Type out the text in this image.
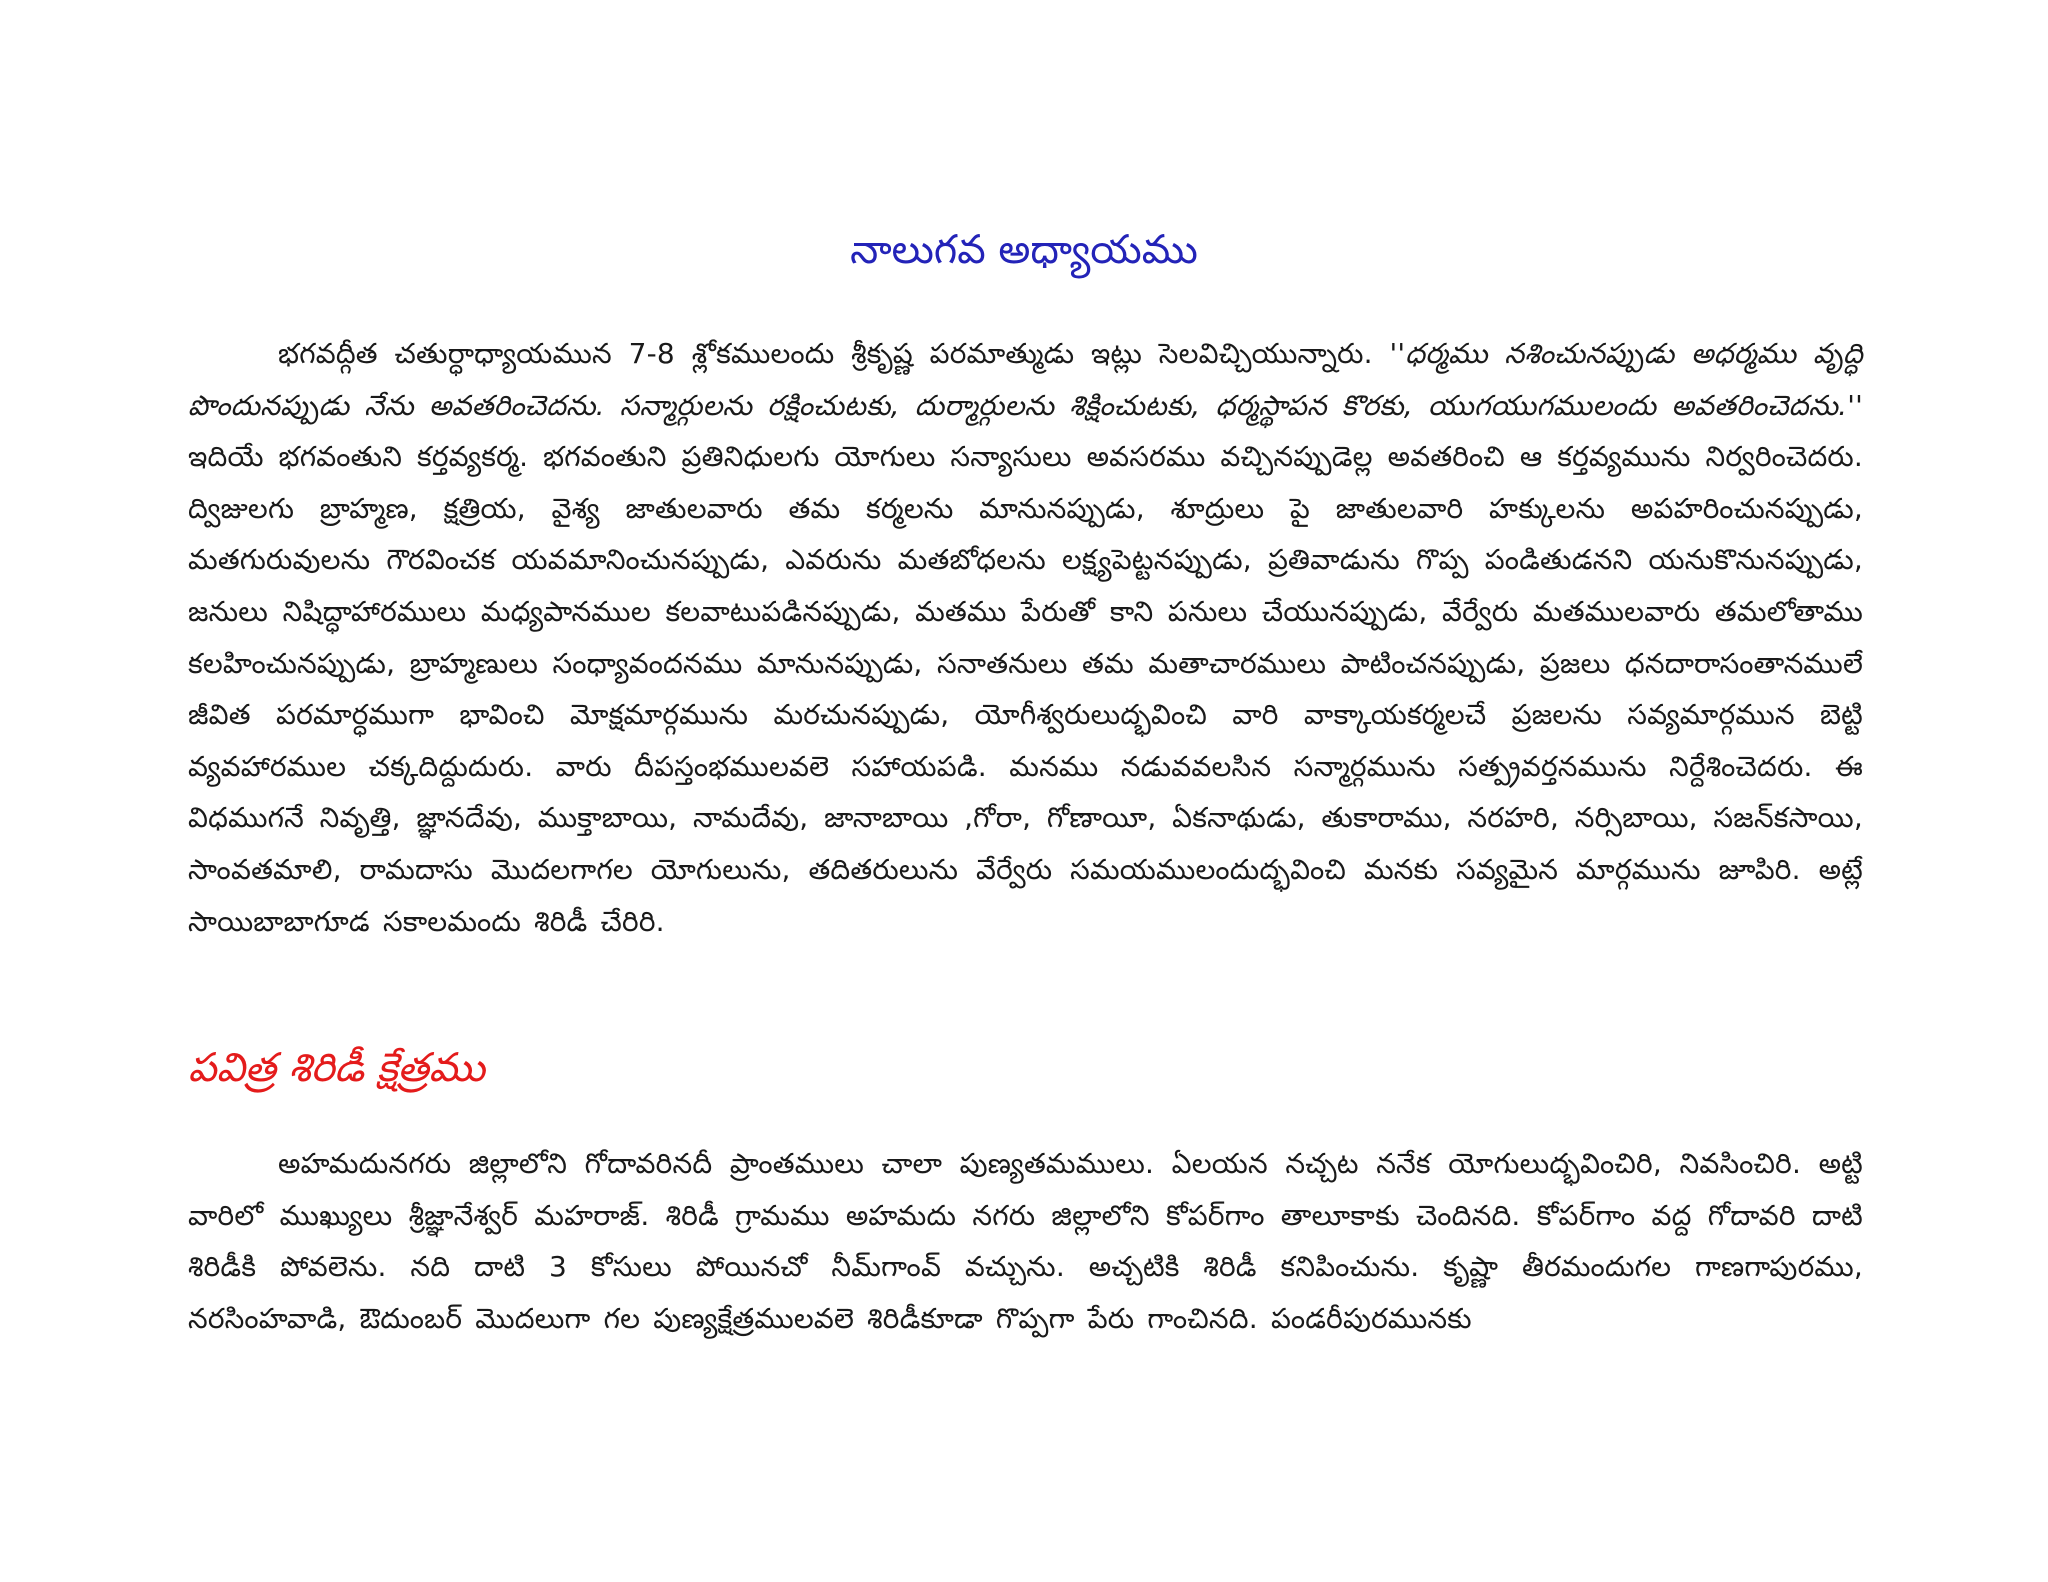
నాలుగవ అధ్యాయము

భగవద్గీత చతుర్ధాధ్యాయమున 7-8 శ్లోకములందు శ్రీకృష్ణ పరమాత్ముడు ఇట్లు సెలవిచ్చియున్నారు. ''ధర్మము నశించునప్పుడు అధర్మము వృద్ధి పొందునప్పుడు నేను అవతరించెదను. సన్మార్గులను రక్షించుటకు, దుర్మార్గులను శిక్షించుటకు, ధర్మస్థాపన కొరకు, యుగయుగములందు అవతరించెదను.'' ఇదియే భగవంతుని కర్తవ్యకర్మ. భగవంతుని ప్రతినిధులగు యోగులు సన్యాసులు అవసరము వచ్చినప్పుడెల్ల అవతరించి ఆ కర్తవ్యమును నిర్వరించెదరు. ద్విజులగు బ్రాహ్మణ, క్షత్రియ, వైశ్య జాతులవారు తమ కర్మలను మానునప్పుడు, శూద్రులు పై జాతులవారి హక్కులను అపహరించునప్పుడు, మతగురువులను గౌరవించక యవమానించునప్పుడు, ఎవరును మతబోధలను లక్ష్యపెట్టనప్పుడు, ప్రతివాడును గొప్ప పండితుడనని యనుకొనునప్పుడు, జనులు నిషిద్ధాహారములు మధ్యపానముల కలవాటుపడినప్పుడు, మతము పేరుతో కాని పనులు చేయునప్పుడు, వేర్వేరు మతములవారు తమలోతాము కలహించునప్పుడు, బ్రాహ్మణులు సంధ్యావందనము మానునప్పుడు, సనాతనులు తమ మతాచారములు పాటించనప్పుడు, ప్రజలు ధనదారాసంతానములే జీవిత పరమార్ధముగా భావించి మోక్షమార్గమును మరచునప్పుడు, యోగీశ్వరులుద్భవించి వారి వాక్కాయకర్మలచే ప్రజలను సవ్యమార్గమున బెట్టి వ్యవహారముల చక్కదిద్దుదురు. వారు దీపస్తంభములవలె సహాయపడి. మనము నడువవలసిన సన్మార్గమును సత్ప్రవర్తనమును నిర్దేశించెదరు. ఈ విధముగనే నివృత్తి, జ్ఞానదేవు, ముక్తాబాయి, నామదేవు, జానాబాయి ,గోరా, గోణాయీ, ఏకనాథుడు, తుకారాము, నరహరి, నర్సిబాయి, సజన్‌కసాయి, సాంవతమాలి, రామదాసు మొదలగాగల యోగులును, తదితరులును వేర్వేరు సమయములందుద్భవించి మనకు సవ్యమైన మార్గమును జూపిరి. అట్లే సాయిబాబాగూడ సకాలమందు శిరిడీ చేరిరి.

పవిత్ర శిరిడీ క్షేత్రము

అహమదునగరు జిల్లాలోని గోదావరినదీ ప్రాంతములు చాలా పుణ్యతమములు. ఏలయన నచ్చట ననేక యోగులుద్భవించిరి, నివసించిరి. అట్టి వారిలో ముఖ్యులు శ్రీజ్ఞానేశ్వర్ మహరాజ్. శిరిడీ గ్రామము అహమదు నగరు జిల్లాలోని కోపర్‌గాం తాలూకాకు చెందినది. కోపర్‌గాం వద్ద గోదావరి దాటి శిరిడీకి పోవలెను. నది దాటి 3 కోసులు పోయినచో నీమ్‌గాంవ్ వచ్చును. అచ్చటికి శిరిడీ కనిపించును. కృష్ణా తీరమందుగల గాణగాపురము, నరసింహవాడి, ఔదుంబర్ మొదలుగా గల పుణ్యక్షేత్రములవలె శిరిడీకూడా గొప్పగా పేరు గాంచినది. పండరీపురమునకు
